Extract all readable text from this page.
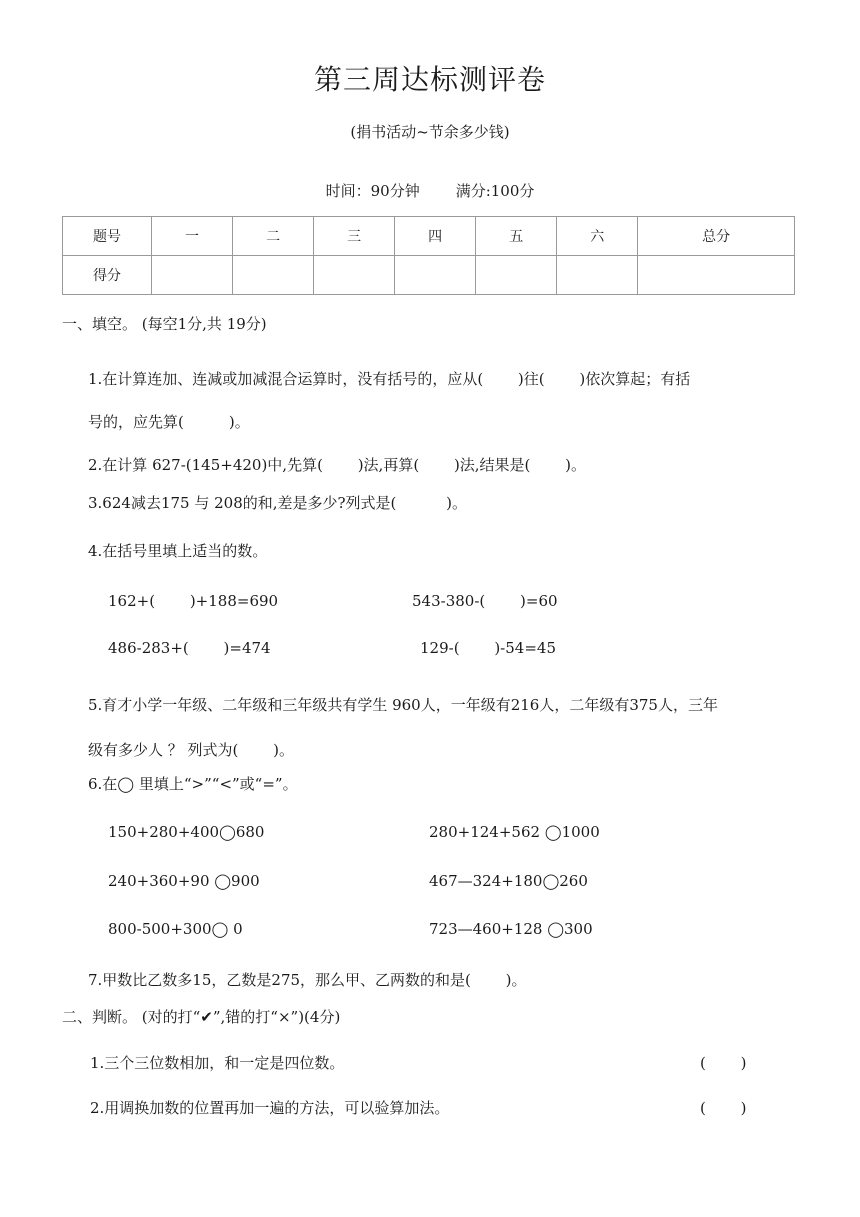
第三周达标测评卷
(捐书活动~节余多少钱)
时间：90分钟 满分:100分
题号	一	二	三	四	五	六	总分
得分							
一、填空。 (每空1分,共 19分)
1.在计算连加、连减或加减混合运算时，没有括号的，应从(　　 )往(　　 )依次算起；有括
号的，应先算(　　　)。
2.在计算 627-(145+420)中,先算(　　 )法,再算(　　 )法,结果是(　　 )。
3.624减去175 与 208的和,差是多少?列式是(　　　 )。
4.在括号里填上适当的数。
162+(　　 )+188=690	543-380-(　　 )=60
486-283+(　　 )=474	129-(　　 )-54=45
5.育才小学一年级、二年级和三年级共有学生 960人，一年级有216人，二年级有375人，三年
级有多少人 ？ 列式为(　　 )。
6.在◯ 里填上“>”“<”或“=”。
150+280+400◯680	280+124+562 ◯1000
240+360+90 ◯900	467—324+180◯260
800-500+300◯ 0	723—460+128 ◯300
7.甲数比乙数多15，乙数是275，那么甲、乙两数的和是(　　 )。
二、判断。 (对的打“✔”,错的打“×”)(4分)
1.三个三位数相加，和一定是四位数。	(　　 )
2.用调换加数的位置再加一遍的方法，可以验算加法。	(　　 )
